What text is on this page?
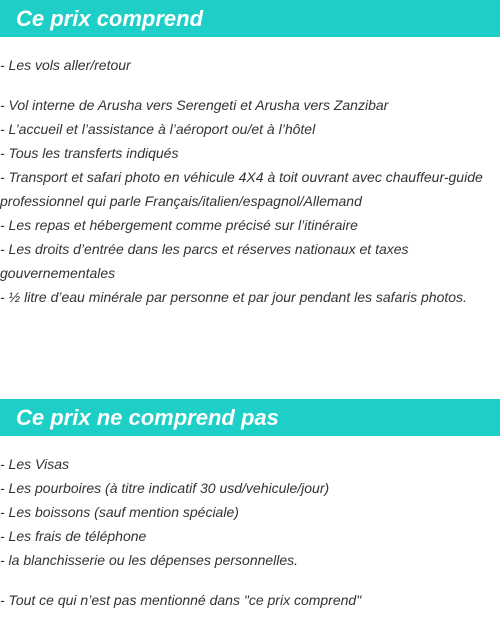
Ce prix comprend
- Les vols aller/retour
- Vol interne de Arusha vers Serengeti et Arusha vers Zanzibar
- L’accueil et l’assistance à l’aéroport ou/et à l’hôtel
- Tous les transferts indiqués
- Transport et safari photo en véhicule 4X4 à toit ouvrant avec chauffeur-guide professionnel qui parle Français/italien/espagnol/Allemand
- Les repas et hébergement comme précisé sur l’itinéraire
- Les droits d’entrée dans les parcs et réserves nationaux et taxes gouvernementales
- ½ litre d’eau minérale par personne et par jour pendant les safaris photos.
Ce prix ne comprend pas
- Les Visas
- Les pourboires (à titre indicatif 30 usd/vehicule/jour)
- Les boissons (sauf mention spéciale)
- Les frais de téléphone
- la blanchisserie ou les dépenses personnelles.
- Tout ce qui n’est pas mentionné dans "ce prix comprend"
